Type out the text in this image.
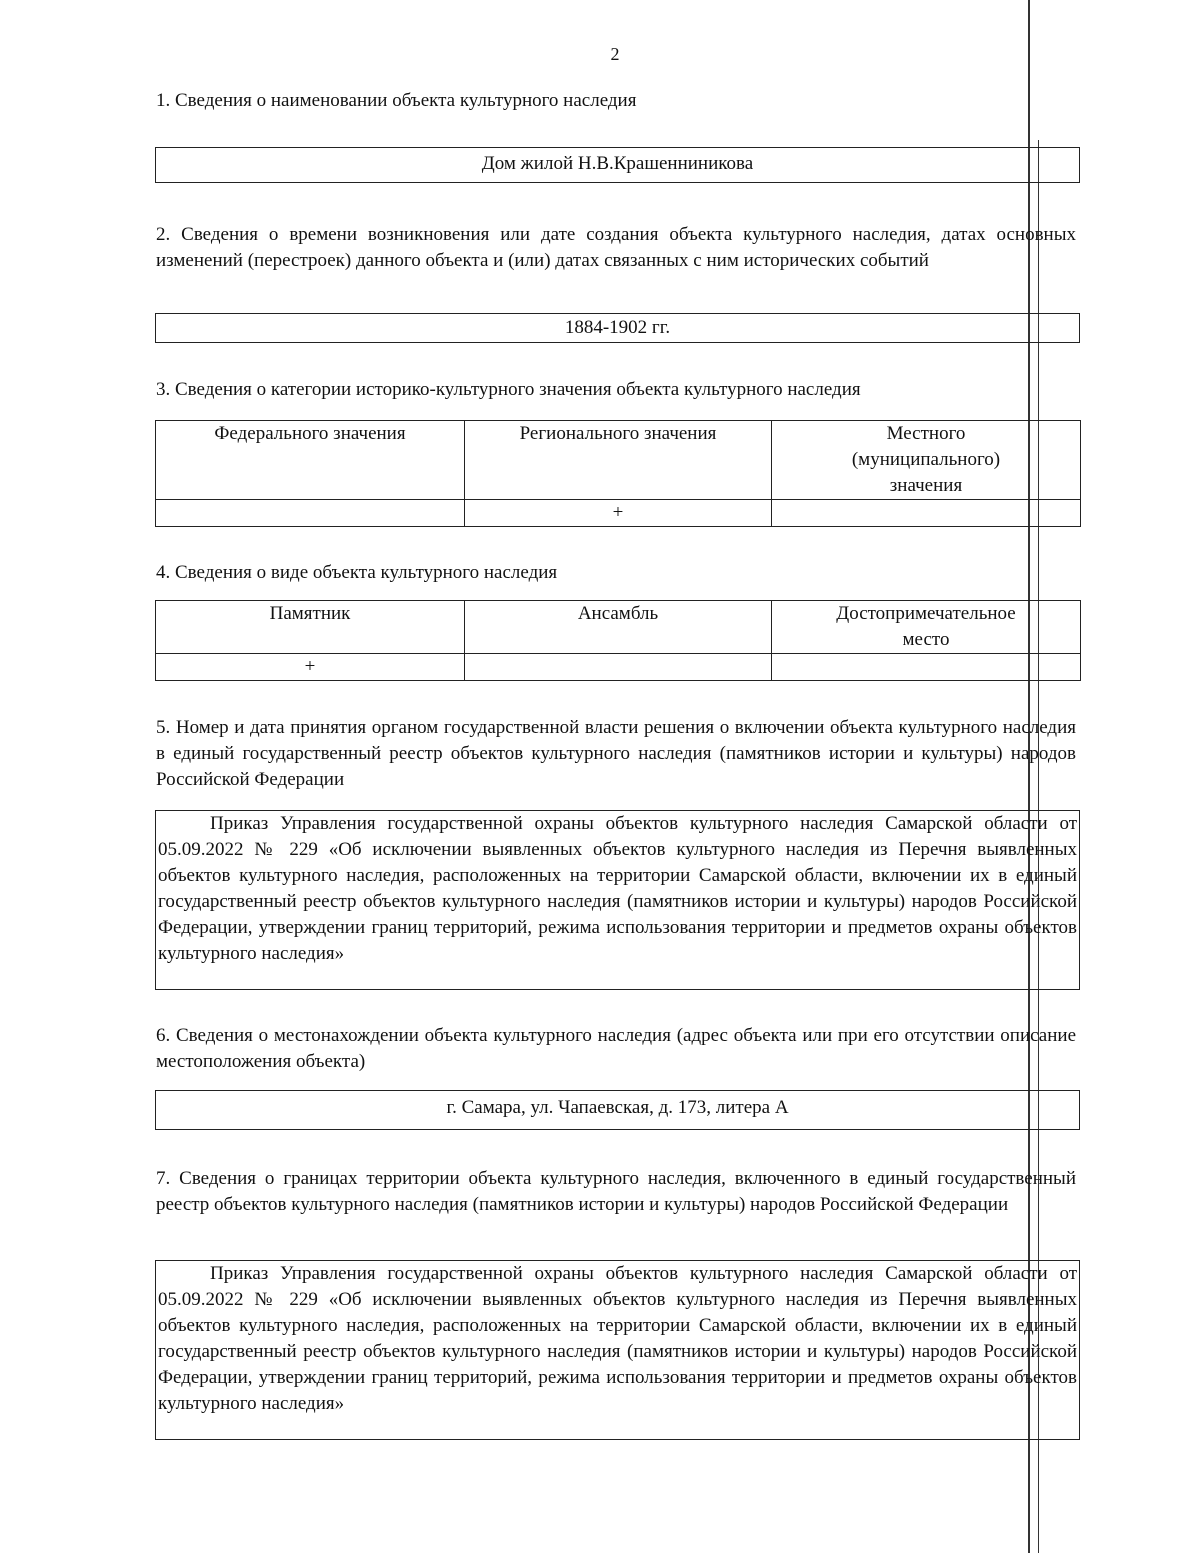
2
1. Сведения о наименовании объекта культурного наследия
Дом жилой Н.В.Крашенниникова
2. Сведения о времени возникновения или дате создания объекта культурного наследия, датах основных изменений (перестроек) данного объекта и (или) датах связанных с ним исторических событий
1884-1902 гг.
3. Сведения о категории историко-культурного значения объекта культурного наследия
Федерального значения	Регионального значения	Местного (муниципального) значения
	+	
4. Сведения о виде объекта культурного наследия
Памятник	Ансамбль	Достопримечательное место
+		
5. Номер и дата принятия органом государственной власти решения о включении объекта культурного наследия в единый государственный реестр объектов культурного наследия (памятников истории и культуры) народов Российской Федерации
Приказ Управления государственной охраны объектов культурного наследия Самарской области от 05.09.2022 № 229 «Об исключении выявленных объектов культурного наследия из Перечня выявленных объектов культурного наследия, расположенных на территории Самарской области, включении их в единый государственный реестр объектов культурного наследия (памятников истории и культуры) народов Российской Федерации, утверждении границ территорий, режима использования территории и предметов охраны объектов культурного наследия»
6. Сведения о местонахождении объекта культурного наследия (адрес объекта или при его отсутствии описание местоположения объекта)
г. Самара, ул. Чапаевская, д. 173, литера А
7. Сведения о границах территории объекта культурного наследия, включенного в единый государственный реестр объектов культурного наследия (памятников истории и культуры) народов Российской Федерации
Приказ Управления государственной охраны объектов культурного наследия Самарской области от 05.09.2022 № 229 «Об исключении выявленных объектов культурного наследия из Перечня выявленных объектов культурного наследия, расположенных на территории Самарской области, включении их в единый государственный реестр объектов культурного наследия (памятников истории и культуры) народов Российской Федерации, утверждении границ территорий, режима использования территории и предметов охраны объектов культурного наследия»
